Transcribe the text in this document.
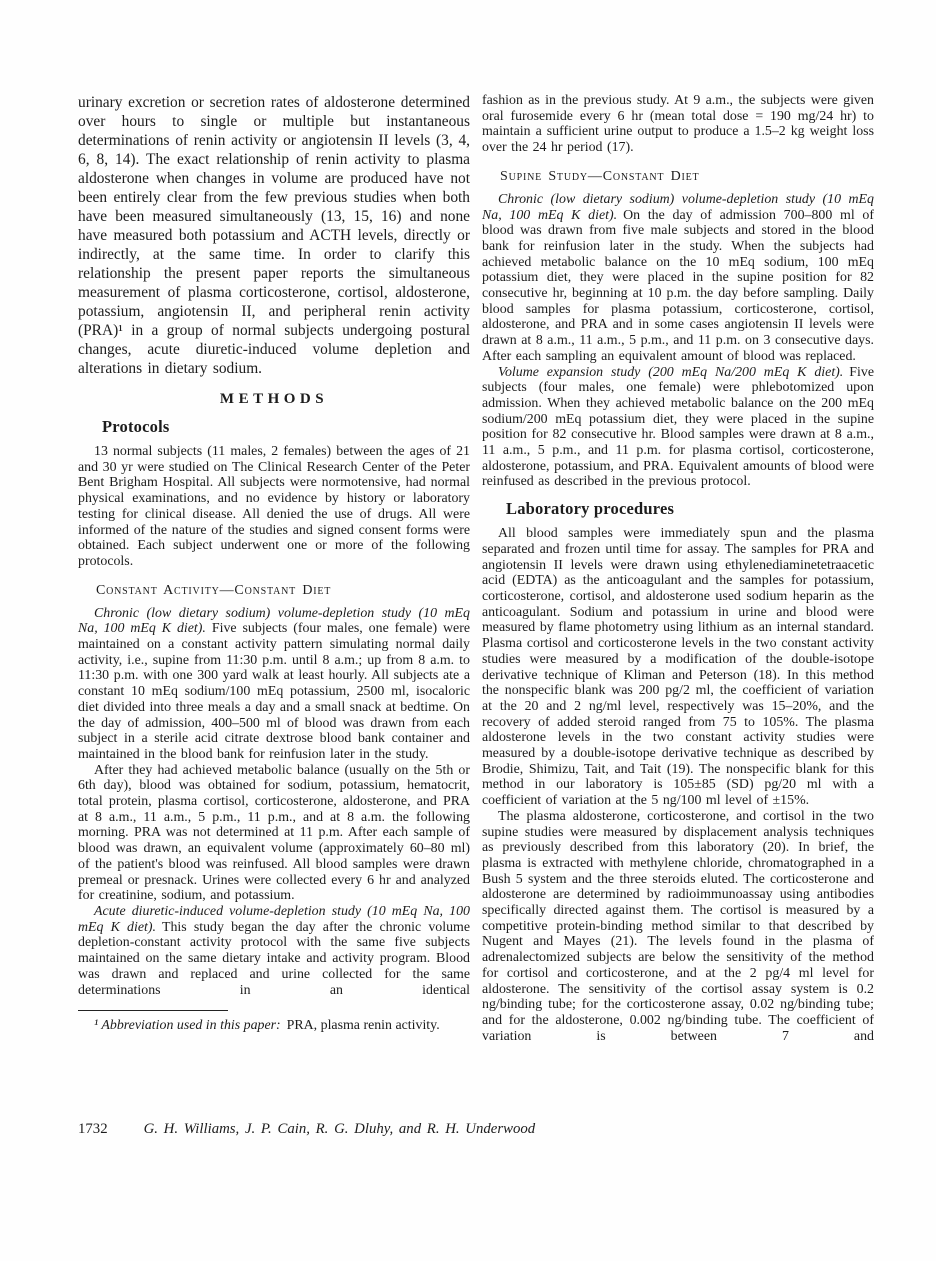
urinary excretion or secretion rates of aldosterone determined over hours to single or multiple but instantaneous determinations of renin activity or angiotensin II levels (3, 4, 6, 8, 14). The exact relationship of renin activity to plasma aldosterone when changes in volume are produced have not been entirely clear from the few previous studies when both have been measured simultaneously (13, 15, 16) and none have measured both potassium and ACTH levels, directly or indirectly, at the same time. In order to clarify this relationship the present paper reports the simultaneous measurement of plasma corticosterone, cortisol, aldosterone, potassium, angiotensin II, and peripheral renin activity (PRA)¹ in a group of normal subjects undergoing postural changes, acute diuretic-induced volume depletion and alterations in dietary sodium.

METHODS
Protocols

13 normal subjects (11 males, 2 females) between the ages of 21 and 30 yr were studied on The Clinical Research Center of the Peter Bent Brigham Hospital. All subjects were normotensive, had normal physical examinations, and no evidence by history or laboratory testing for clinical disease. All denied the use of drugs. All were informed of the nature of the studies and signed consent forms were obtained. Each subject underwent one or more of the following protocols.

Constant Activity—Constant Diet

Chronic (low dietary sodium) volume-depletion study (10 mEq Na, 100 mEq K diet). Five subjects (four males, one female) were maintained on a constant activity pattern simulating normal daily activity, i.e., supine from 11:30 p.m. until 8 a.m.; up from 8 a.m. to 11:30 p.m. with one 300 yard walk at least hourly. All subjects ate a constant 10 mEq sodium/100 mEq potassium, 2500 ml, isocaloric diet divided into three meals a day and a small snack at bedtime. On the day of admission, 400–500 ml of blood was drawn from each subject in a sterile acid citrate dextrose blood bank container and maintained in the blood bank for reinfusion later in the study.

After they had achieved metabolic balance (usually on the 5th or 6th day), blood was obtained for sodium, potassium, hematocrit, total protein, plasma cortisol, corticosterone, aldosterone, and PRA at 8 a.m., 11 a.m., 5 p.m., 11 p.m., and at 8 a.m. the following morning. PRA was not determined at 11 p.m. After each sample of blood was drawn, an equivalent volume (approximately 60–80 ml) of the patient's blood was reinfused. All blood samples were drawn premeal or presnack. Urines were collected every 6 hr and analyzed for creatinine, sodium, and potassium.

Acute diuretic-induced volume-depletion study (10 mEq Na, 100 mEq K diet). This study began the day after the chronic volume depletion-constant activity protocol with the same five subjects maintained on the same dietary intake and activity program. Blood was drawn and replaced and urine collected for the same determinations in an identical

¹ Abbreviation used in this paper: PRA, plasma renin activity.

fashion as in the previous study. At 9 a.m., the subjects were given oral furosemide every 6 hr (mean total dose = 190 mg/24 hr) to maintain a sufficient urine output to produce a 1.5–2 kg weight loss over the 24 hr period (17).

Supine Study—Constant Diet

Chronic (low dietary sodium) volume-depletion study (10 mEq Na, 100 mEq K diet). On the day of admission 700–800 ml of blood was drawn from five male subjects and stored in the blood bank for reinfusion later in the study. When the subjects had achieved metabolic balance on the 10 mEq sodium, 100 mEq potassium diet, they were placed in the supine position for 82 consecutive hr, beginning at 10 p.m. the day before sampling. Daily blood samples for plasma potassium, corticosterone, cortisol, aldosterone, and PRA and in some cases angiotensin II levels were drawn at 8 a.m., 11 a.m., 5 p.m., and 11 p.m. on 3 consecutive days. After each sampling an equivalent amount of blood was replaced.

Volume expansion study (200 mEq Na/200 mEq K diet). Five subjects (four males, one female) were phlebotomized upon admission. When they achieved metabolic balance on the 200 mEq sodium/200 mEq potassium diet, they were placed in the supine position for 82 consecutive hr. Blood samples were drawn at 8 a.m., 11 a.m., 5 p.m., and 11 p.m. for plasma cortisol, corticosterone, aldosterone, potassium, and PRA. Equivalent amounts of blood were reinfused as described in the previous protocol.

Laboratory procedures

All blood samples were immediately spun and the plasma separated and frozen until time for assay. The samples for PRA and angiotensin II levels were drawn using ethylenediaminetetraacetic acid (EDTA) as the anticoagulant and the samples for potassium, corticosterone, cortisol, and aldosterone used sodium heparin as the anticoagulant. Sodium and potassium in urine and blood were measured by flame photometry using lithium as an internal standard. Plasma cortisol and corticosterone levels in the two constant activity studies were measured by a modification of the double-isotope derivative technique of Kliman and Peterson (18). In this method the nonspecific blank was 200 pg/2 ml, the coefficient of variation at the 20 and 2 ng/ml level, respectively was 15–20%, and the recovery of added steroid ranged from 75 to 105%. The plasma aldosterone levels in the two constant activity studies were measured by a double-isotope derivative technique as described by Brodie, Shimizu, Tait, and Tait (19). The nonspecific blank for this method in our laboratory is 105±85 (SD) pg/20 ml with a coefficient of variation at the 5 ng/100 ml level of ±15%.

The plasma aldosterone, corticosterone, and cortisol in the two supine studies were measured by displacement analysis techniques as previously described from this laboratory (20). In brief, the plasma is extracted with methylene chloride, chromatographed in a Bush 5 system and the three steroids eluted. The corticosterone and aldosterone are determined by radioimmunoassay using antibodies specifically directed against them. The cortisol is measured by a competitive protein-binding method similar to that described by Nugent and Mayes (21). The levels found in the plasma of adrenalectomized subjects are below the sensitivity of the method for cortisol and corticosterone, and at the 2 pg/4 ml level for aldosterone. The sensitivity of the cortisol assay system is 0.2 ng/binding tube; for the corticosterone assay, 0.02 ng/binding tube; and for the aldosterone, 0.002 ng/binding tube. The coefficient of variation is between 7 and

1732 G. H. Williams, J. P. Cain, R. G. Dluhy, and R. H. Underwood
